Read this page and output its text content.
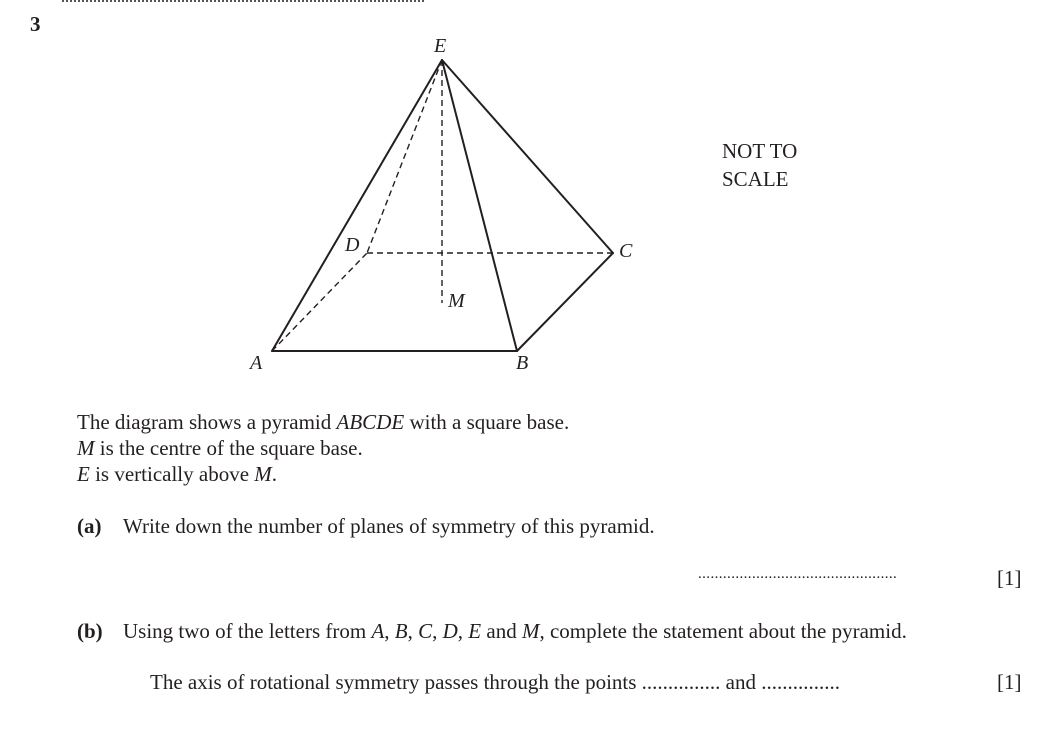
3
E
D	C
M
A	B
NOT TO
SCALE
The diagram shows a pyramid ABCDE with a square base.
M is the centre of the square base.
E is vertically above M.
(a) Write down the number of planes of symmetry of this pyramid.
................................................	[1]
(b) Using two of the letters from A, B, C, D, E and M, complete the statement about the pyramid.
The axis of rotational symmetry passes through the points ............... and ...............	[1]
